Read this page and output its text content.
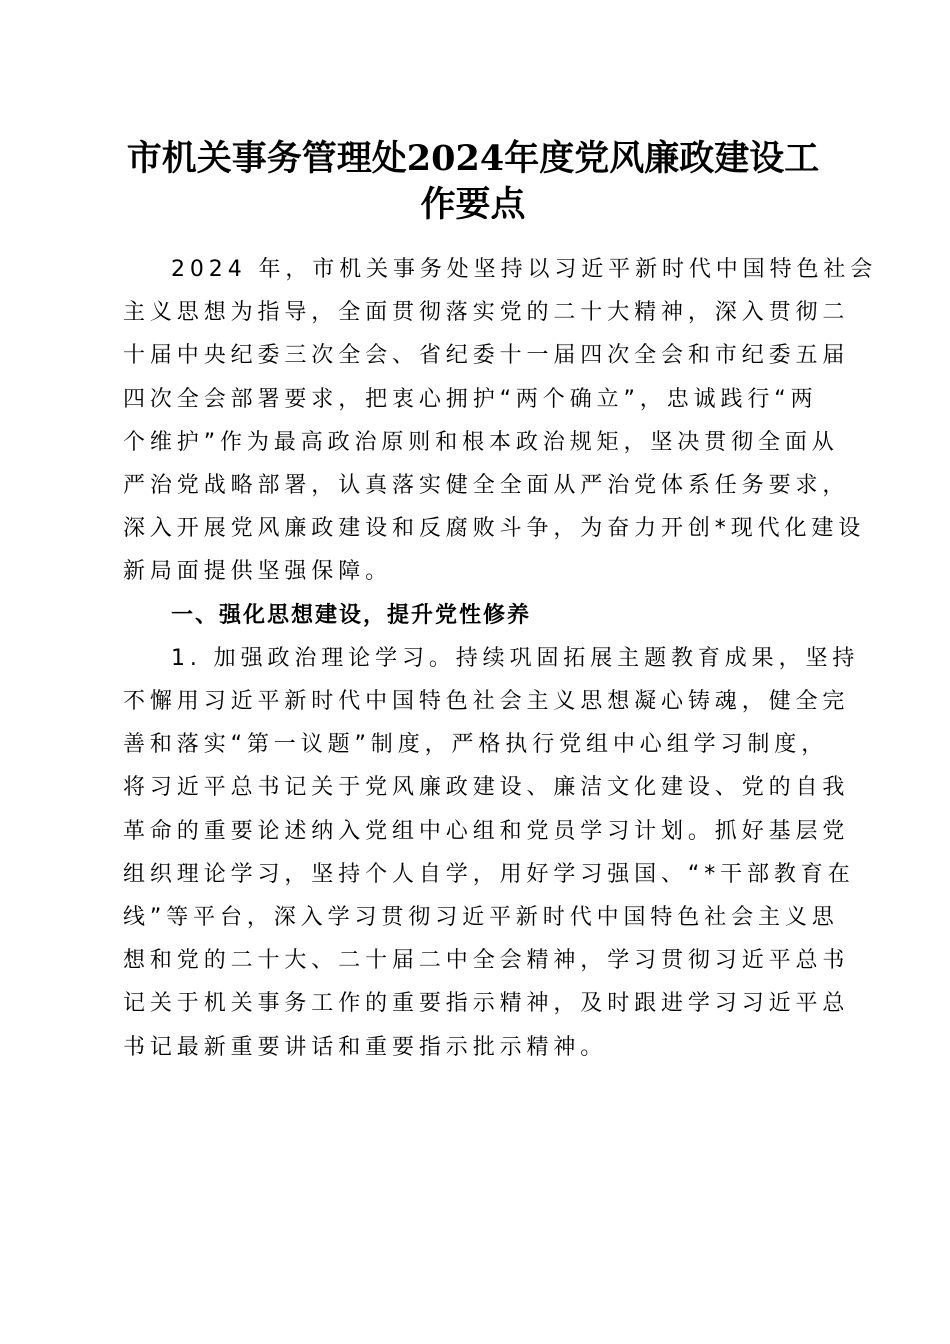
市机关事务管理处2024年度党风廉政建设工
作要点

2024 年，市机关事务处坚持以习近平新时代中国特色社会
主义思想为指导，全面贯彻落实党的二十大精神，深入贯彻二
十届中央纪委三次全会、省纪委十一届四次全会和市纪委五届
四次全会部署要求，把衷心拥护“两个确立”，忠诚践行“两
个维护”作为最高政治原则和根本政治规矩，坚决贯彻全面从
严治党战略部署，认真落实健全全面从严治党体系任务要求，
深入开展党风廉政建设和反腐败斗争，为奋力开创*现代化建设
新局面提供坚强保障。

一、强化思想建设，提升党性修养

1. 加强政治理论学习。持续巩固拓展主题教育成果，坚持
不懈用习近平新时代中国特色社会主义思想凝心铸魂，健全完
善和落实“第一议题”制度，严格执行党组中心组学习制度，
将习近平总书记关于党风廉政建设、廉洁文化建设、党的自我
革命的重要论述纳入党组中心组和党员学习计划。抓好基层党
组织理论学习，坚持个人自学，用好学习强国、“*干部教育在
线”等平台，深入学习贯彻习近平新时代中国特色社会主义思
想和党的二十大、二十届二中全会精神，学习贯彻习近平总书
记关于机关事务工作的重要指示精神，及时跟进学习习近平总
书记最新重要讲话和重要指示批示精神。
